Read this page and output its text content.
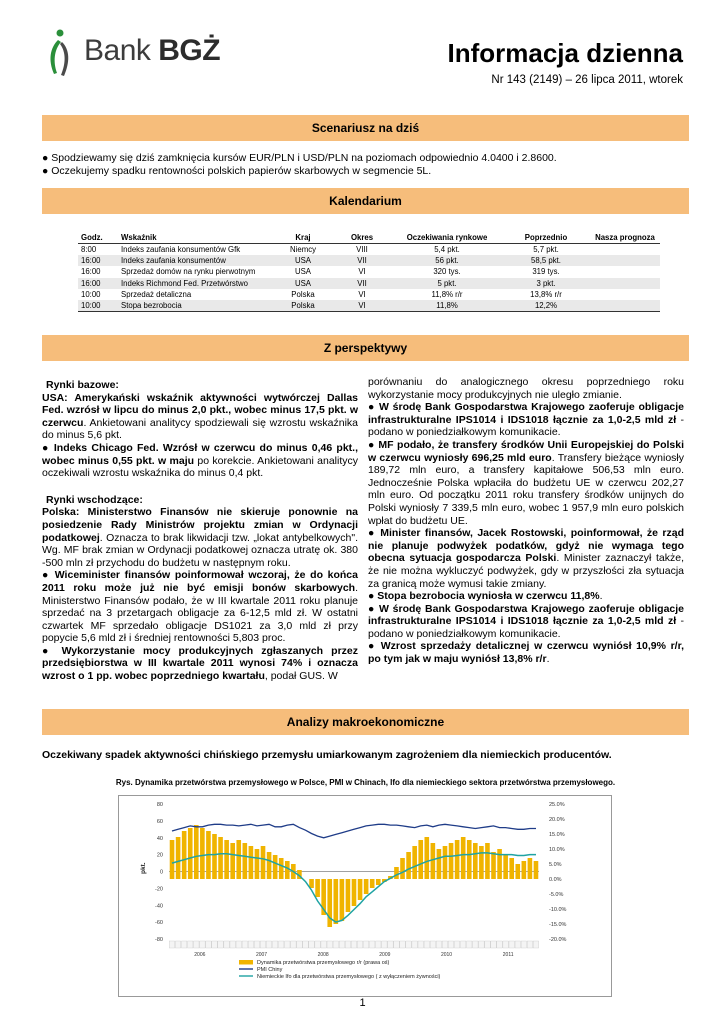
Bank BGŻ	Informacja dzienna
Nr 143 (2149) – 26 lipca 2011, wtorek
Scenariusz na dziś
● Spodziewamy się dziś zamknięcia kursów EUR/PLN i USD/PLN na poziomach odpowiednio 4.0400 i 2.8600.
● Oczekujemy spadku rentowności polskich papierów skarbowych w segmencie 5L.
Kalendarium
Godz.	Wskaźnik	Kraj	Okres	Oczekiwania rynkowe	Poprzednio	Nasza prognoza
8:00	Indeks zaufania konsumentów Gfk	Niemcy	VIII	5,4 pkt.	5,7 pkt.	
16:00	Indeks zaufania konsumentów	USA	VII	56 pkt.	58,5 pkt.	
16:00	Sprzedaż domów na rynku pierwotnym	USA	VI	320 tys.	319 tys.	
16:00	Indeks Richmond Fed. Przetwórstwo	USA	VII	5 pkt.	3 pkt.	
10:00	Sprzedaż detaliczna	Polska	VI	11,8% r/r	13,8% r/r	
10:00	Stopa bezrobocia	Polska	VI	11,8%	12,2%	
Z perspektywy

Rynki bazowe:

USA: Amerykański wskaźnik aktywności wytwórczej Dallas Fed. wzrósł w lipcu do minus 2,0 pkt., wobec minus 17,5 pkt. w czerwcu. Ankietowani analitycy spodziewali się wzrostu wskaźnika do minus 5,6 pkt.

● Indeks Chicago Fed. Wzrósł w czerwcu do minus 0,46 pkt., wobec minus 0,55 pkt. w maju po korekcie. Ankietowani analitycy oczekiwali wzrostu wskaźnika do minus 0,4 pkt.

Rynki wschodzące:

Polska: Ministerstwo Finansów nie skieruje ponownie na posiedzenie Rady Ministrów projektu zmian w Ordynacji podatkowej. Oznacza to brak likwidacji tzw. „lokat antybelkowych". Wg. MF brak zmian w Ordynacji podatkowej oznacza utratę ok. 380 -500 mln zł przychodu do budżetu w następnym roku.

● Wiceminister finansów poinformował wczoraj, że do końca 2011 roku może już nie być emisji bonów skarbowych. Ministerstwo Finansów podało, że w III kwartale 2011 roku planuje sprzedać na 3 przetargach obligacje za 6-12,5 mld zł. W ostatni czwartek MF sprzedało obligacje DS1021 za 3,0 mld zł przy popycie 5,6 mld zł i średniej rentowności 5,803 proc.

● Wykorzystanie mocy produkcyjnych zgłaszanych przez przedsiębiorstwa w III kwartale 2011 wynosi 74% i oznacza wzrost o 1 pp. wobec poprzedniego kwartału, podał GUS. W

porównaniu do analogicznego okresu poprzedniego roku wykorzystanie mocy produkcyjnych nie uległo zmianie.

● W środę Bank Gospodarstwa Krajowego zaoferuje obligacje infrastrukturalne IPS1014 i IDS1018 łącznie za 1,0-2,5 mld zł - podano w poniedziałkowym komunikacie.

● MF podało, że transfery środków Unii Europejskiej do Polski w czerwcu wyniosły 696,25 mld euro. Transfery bieżące wyniosły 189,72 mln euro, a transfery kapitałowe 506,53 mln euro. Jednocześnie Polska wpłaciła do budżetu UE w czerwcu 202,27 mln euro. Od początku 2011 roku transfery środków unijnych do Polski wyniosły 7 339,5 mln euro, wobec 1 957,9 mln euro polskich wpłat do budżetu UE.

● Minister finansów, Jacek Rostowski, poinformował, że rząd nie planuje podwyżek podatków, gdyż nie wymaga tego obecna sytuacja gospodarcza Polski. Minister zaznaczył także, że nie można wykluczyć podwyżek, gdy w przyszłości zła sytuacja za granicą może wymusi takie zmiany.

● Stopa bezrobocia wyniosła w czerwcu 11,8%.

● W środę Bank Gospodarstwa Krajowego zaoferuje obligacje infrastrukturalne IPS1014 i IDS1018 łącznie za 1,0-2,5 mld zł - podano w poniedziałkowym komunikacie.

● Wzrost sprzedaży detalicznej w czerwcu wyniósł 10,9% r/r, po tym jak w maju wyniósł 13,8% r/r.

Analizy makroekonomiczne
Oczekiwany spadek aktywności chińskiego przemysłu umiarkowanym zagrożeniem dla niemieckich producentów.
Rys. Dynamika przetwórstwa przemysłowego w Polsce, PMI w Chinach, Ifo dla niemieckiego sektora przetwórstwa przemysłowego.
80
60
40
20
0
-20
-40
-60
-80
25.0%
20.0%
15.0%
10.0%
5.0%
0.0%
-5.0%
-10.0%
-15.0%
-20.0%
pkt.
2006	2007	2008	2009	2010	2011
Dynamika przetwórstwa przemysłowego r/r (prawa oś)
PMI Chiny
Niemieckie Ifo dla przetwórstwa przemysłowego ( z wyłączeniem żywności)
1
